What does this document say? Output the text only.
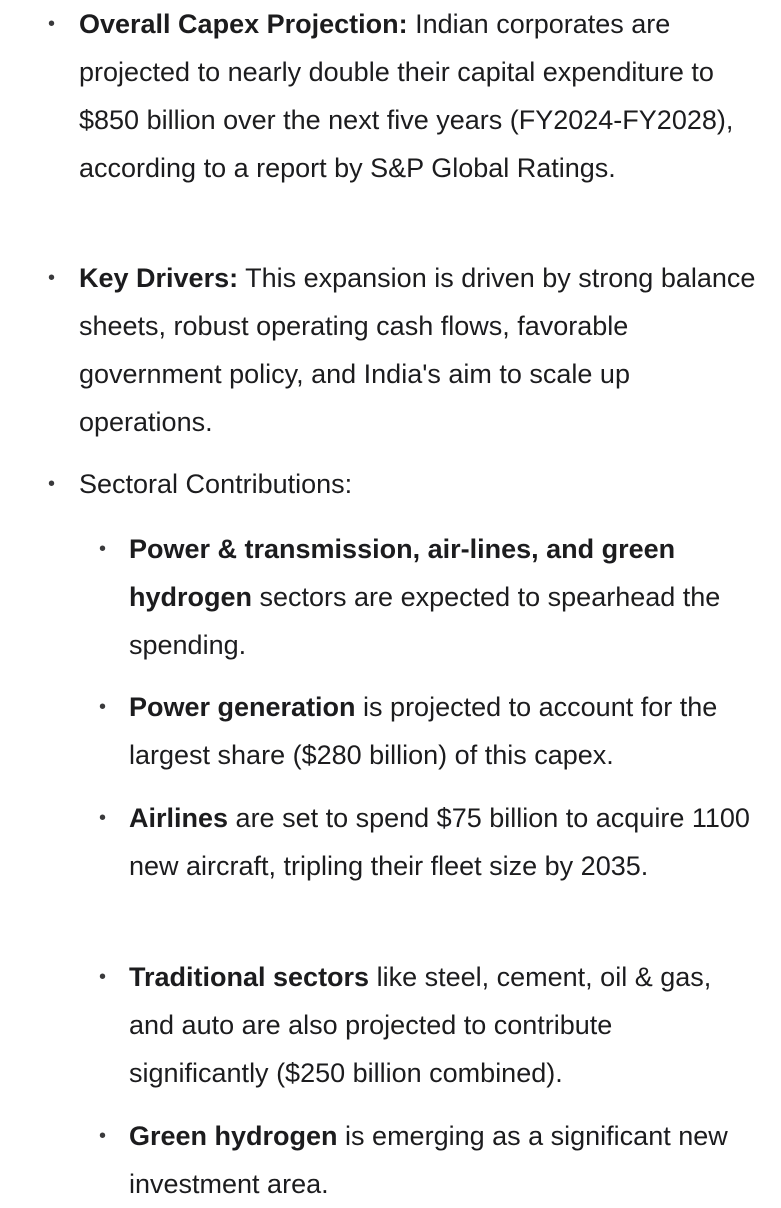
• Overall Capex Projection: Indian corporates are projected to nearly double their capital expenditure to $850 billion over the next five years (FY2024-FY2028), according to a report by S&P Global Ratings.

• Key Drivers: This expansion is driven by strong balance sheets, robust operating cash flows, favorable government policy, and India's aim to scale up operations.

• Sectoral Contributions:

• Power & transmission, air-lines, and green hydrogen sectors are expected to spearhead the spending.

• Power generation is projected to account for the largest share ($280 billion) of this capex.

• Airlines are set to spend $75 billion to acquire 1100 new aircraft, tripling their fleet size by 2035.

• Traditional sectors like steel, cement, oil & gas, and auto are also projected to contribute significantly ($250 billion combined).

• Green hydrogen is emerging as a significant new investment area.
